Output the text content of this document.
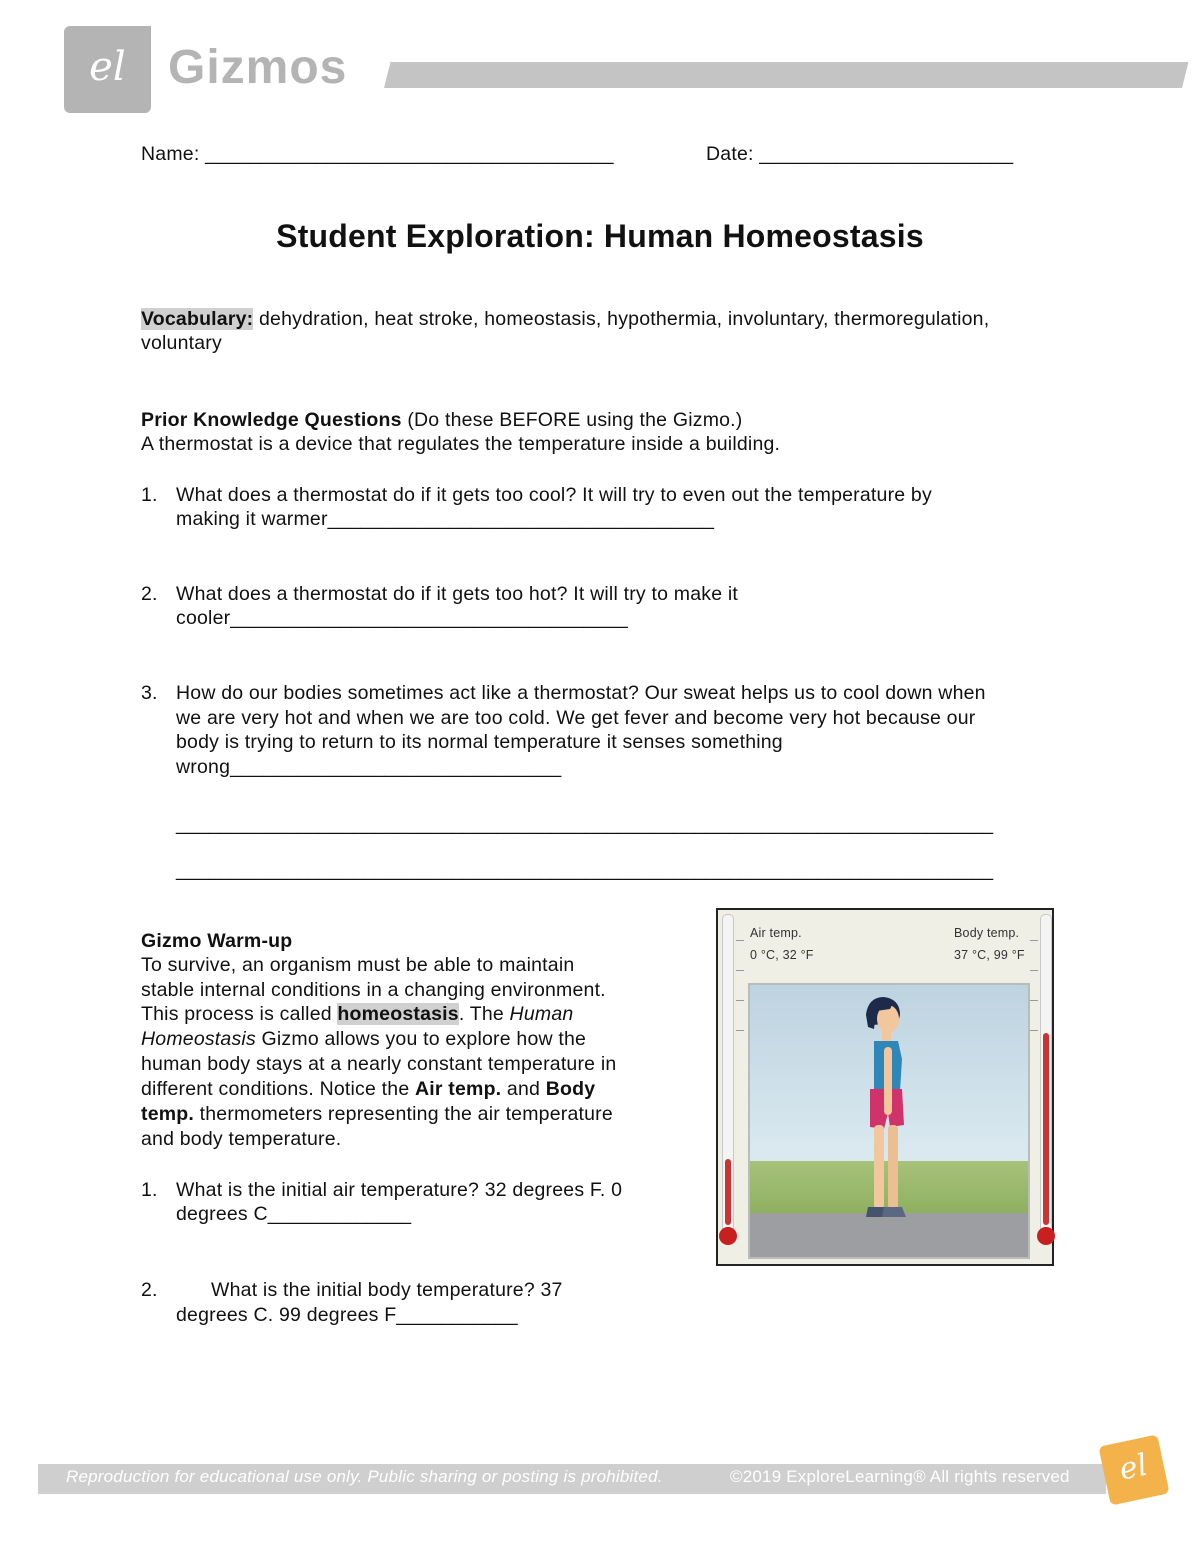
el Gizmos
Name: _____________________________________	Date: _______________________
Student Exploration: Human Homeostasis
Vocabulary: dehydration, heat stroke, homeostasis, hypothermia, involuntary, thermoregulation,
voluntary
Prior Knowledge Questions (Do these BEFORE using the Gizmo.)
A thermostat is a device that regulates the temperature inside a building.
1. What does a thermostat do if it gets too cool? It will try to even out the temperature by
making it warmer___________________________________
2. What does a thermostat do if it gets too hot? It will try to make it
cooler____________________________________
3. How do our bodies sometimes act like a thermostat? Our sweat helps us to cool down when
we are very hot and when we are too cold. We get fever and become very hot because our
body is trying to return to its normal temperature it senses something
wrong______________________________
__________________________________________________________________________
__________________________________________________________________________
Gizmo Warm-up
To survive, an organism must be able to maintain
stable internal conditions in a changing environment.
This process is called homeostasis. The Human
Homeostasis Gizmo allows you to explore how the
human body stays at a nearly constant temperature in
different conditions. Notice the Air temp. and Body
temp. thermometers representing the air temperature
and body temperature.
1. What is the initial air temperature? 32 degrees F. 0
degrees C_____________
2.	What is the initial body temperature? 37
degrees C. 99 degrees F___________
Air temp.
0 °C, 32 °F
Body temp.
37 °C, 99 °F
Reproduction for educational use only. Public sharing or posting is prohibited.	©2019 ExploreLearning® All rights reserved	el
